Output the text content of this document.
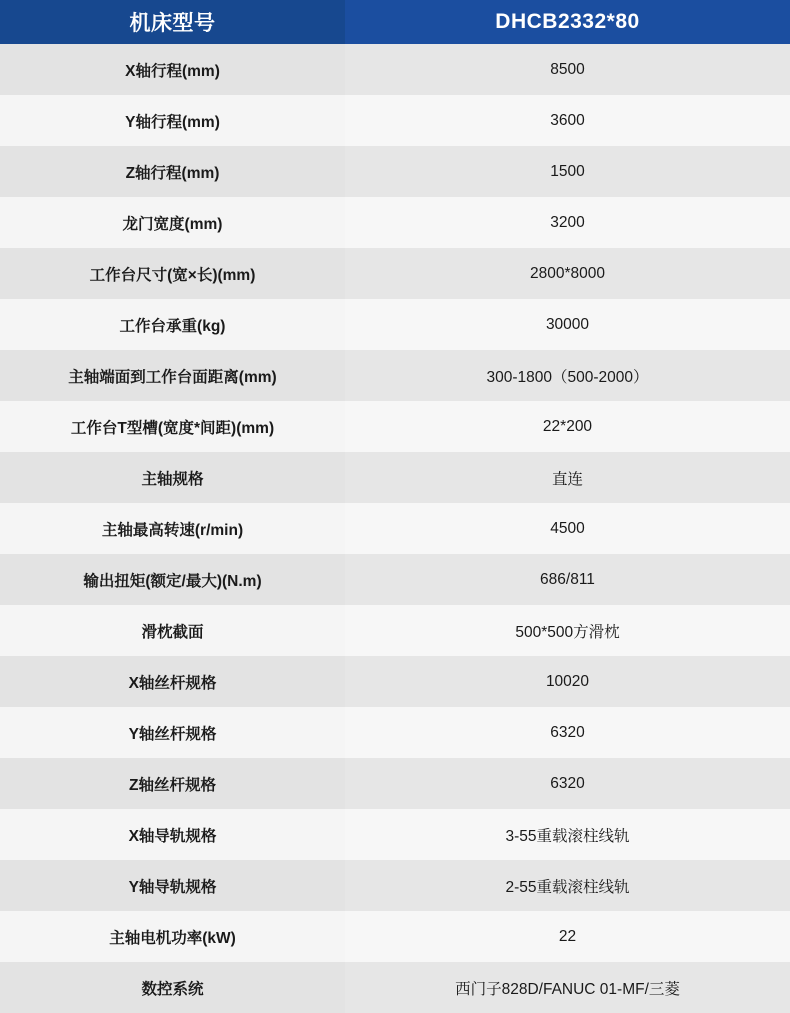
机床型号	DHCB2332*80
X轴行程(mm)	8500
Y轴行程(mm)	3600
Z轴行程(mm)	1500
龙门宽度(mm)	3200
工作台尺寸(宽×长)(mm)	2800*8000
工作台承重(kg)	30000
主轴端面到工作台面距离(mm)	300-1800（500-2000）
工作台T型槽(宽度*间距)(mm)	22*200
主轴规格	直连
主轴最高转速(r/min)	4500
输出扭矩(额定/最大)(N.m)	686/811
滑枕截面	500*500方滑枕
X轴丝杆规格	10020
Y轴丝杆规格	6320
Z轴丝杆规格	6320
X轴导轨规格	3-55重载滚柱线轨
Y轴导轨规格	2-55重载滚柱线轨
主轴电机功率(kW)	22
数控系统	西门子828D/FANUC 01-MF/三菱
